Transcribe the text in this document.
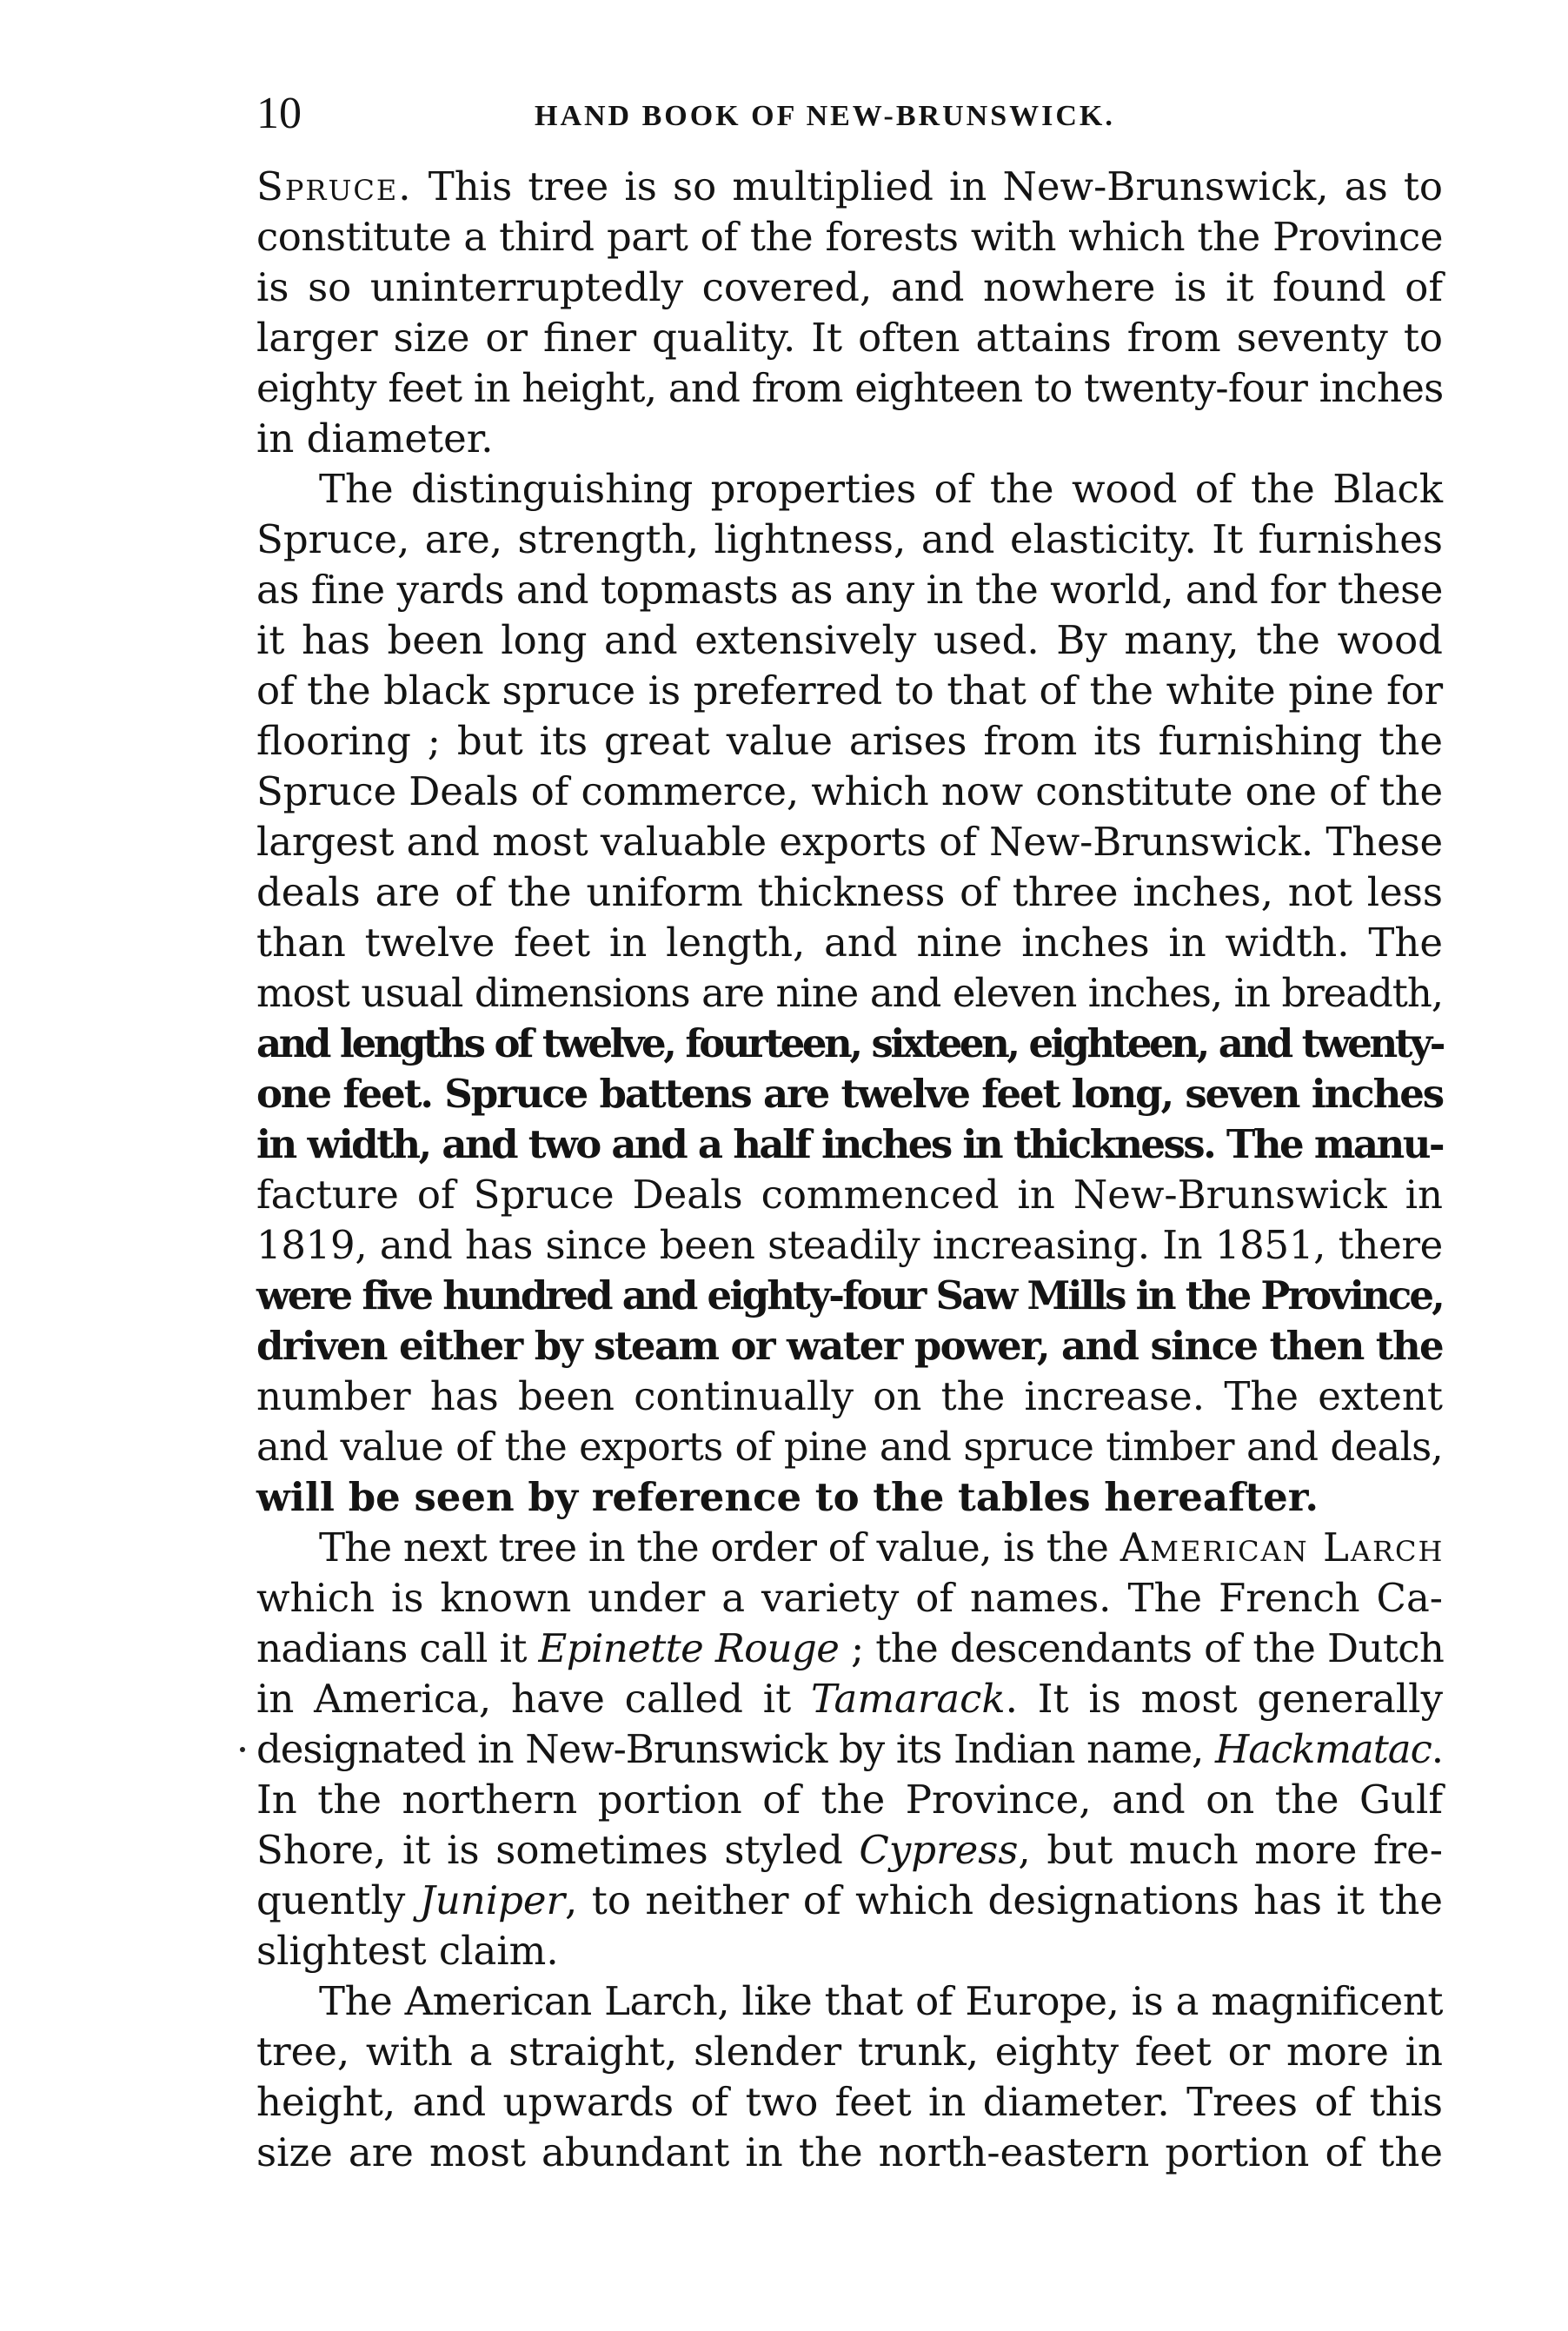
10	HAND BOOK OF NEW-BRUNSWICK.
Spruce. This tree is so multiplied in New-Brunswick, as to
constitute a third part of the forests with which the Province
is so uninterruptedly covered, and nowhere is it found of
larger size or finer quality. It often attains from seventy to
eighty feet in height, and from eighteen to twenty-four inches
in diameter.
The distinguishing properties of the wood of the Black
Spruce, are, strength, lightness, and elasticity. It furnishes
as fine yards and topmasts as any in the world, and for these
it has been long and extensively used. By many, the wood
of the black spruce is preferred to that of the white pine for
flooring ; but its great value arises from its furnishing the
Spruce Deals of commerce, which now constitute one of the
largest and most valuable exports of New-Brunswick. These
deals are of the uniform thickness of three inches, not less
than twelve feet in length, and nine inches in width. The
most usual dimensions are nine and eleven inches, in breadth,
and lengths of twelve, fourteen, sixteen, eighteen, and twenty-
one feet. Spruce battens are twelve feet long, seven inches
in width, and two and a half inches in thickness. The manu-
facture of Spruce Deals commenced in New-Brunswick in
1819, and has since been steadily increasing. In 1851, there
were five hundred and eighty-four Saw Mills in the Province,
driven either by steam or water power, and since then the
number has been continually on the increase. The extent
and value of the exports of pine and spruce timber and deals,
will be seen by reference to the tables hereafter.
The next tree in the order of value, is the American Larch
which is known under a variety of names. The French Ca-
nadians call it Epinette Rouge ; the descendants of the Dutch
in America, have called it Tamarack. It is most generally
designated in New-Brunswick by its Indian name, Hackmatac.
In the northern portion of the Province, and on the Gulf
Shore, it is sometimes styled Cypress, but much more fre-
quently Juniper, to neither of which designations has it the
slightest claim.
The American Larch, like that of Europe, is a magnificent
tree, with a straight, slender trunk, eighty feet or more in
height, and upwards of two feet in diameter. Trees of this
size are most abundant in the north-eastern portion of the
